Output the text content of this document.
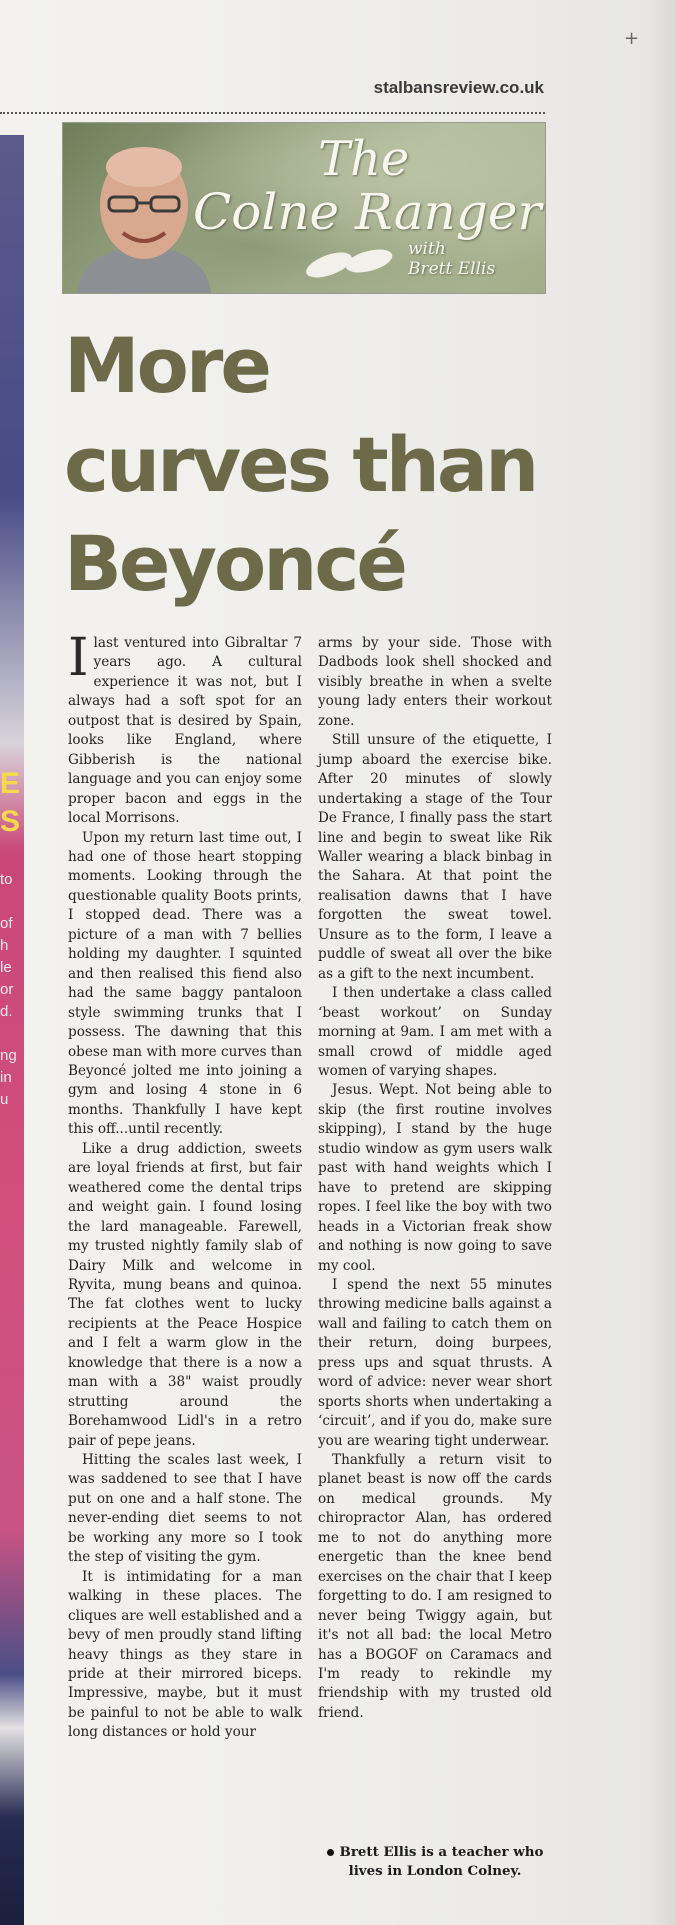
E
S
to
of
h
le
or
d.
ng
in
u
+
stalbansreview.co.uk
The
Colne Ranger
with
Brett Ellis
More curves than Beyoncé

I last ventured into Gibraltar 7 years ago. A cultural experience it was not, but I always had a soft spot for an outpost that is desired by Spain, looks like England, where Gibberish is the national language and you can enjoy some proper bacon and eggs in the local Morrisons.

Upon my return last time out, I had one of those heart stopping moments. Looking through the questionable quality Boots prints, I stopped dead. There was a picture of a man with 7 bellies holding my daughter. I squinted and then realised this fiend also had the same baggy pantaloon style swimming trunks that I possess. The dawning that this obese man with more curves than Beyoncé jolted me into joining a gym and losing 4 stone in 6 months. Thankfully I have kept this off...until recently.

Like a drug addiction, sweets are loyal friends at first, but fair weathered come the dental trips and weight gain. I found losing the lard manageable. Farewell, my trusted nightly family slab of Dairy Milk and welcome in Ryvita, mung beans and quinoa. The fat clothes went to lucky recipients at the Peace Hospice and I felt a warm glow in the knowledge that there is a now a man with a 38" waist proudly strutting around the Borehamwood Lidl's in a retro pair of pepe jeans.

Hitting the scales last week, I was saddened to see that I have put on one and a half stone. The never-ending diet seems to not be working any more so I took the step of visiting the gym.

It is intimidating for a man walking in these places. The cliques are well established and a bevy of men proudly stand lifting heavy things as they stare in pride at their mirrored biceps. Impressive, maybe, but it must be painful to not be able to walk long distances or hold your

arms by your side. Those with Dadbods look shell shocked and visibly breathe in when a svelte young lady enters their workout zone.

Still unsure of the etiquette, I jump aboard the exercise bike. After 20 minutes of slowly undertaking a stage of the Tour De France, I finally pass the start line and begin to sweat like Rik Waller wearing a black binbag in the Sahara. At that point the realisation dawns that I have forgotten the sweat towel. Unsure as to the form, I leave a puddle of sweat all over the bike as a gift to the next incumbent.

I then undertake a class called ‘beast workout’ on Sunday morning at 9am. I am met with a small crowd of middle aged women of varying shapes.

Jesus. Wept. Not being able to skip (the first routine involves skipping), I stand by the huge studio window as gym users walk past with hand weights which I have to pretend are skipping ropes. I feel like the boy with two heads in a Victorian freak show and nothing is now going to save my cool.

I spend the next 55 minutes throwing medicine balls against a wall and failing to catch them on their return, doing burpees, press ups and squat thrusts. A word of advice: never wear short sports shorts when undertaking a ‘circuit’, and if you do, make sure you are wearing tight underwear.

Thankfully a return visit to planet beast is now off the cards on medical grounds. My chiropractor Alan, has ordered me to not do anything more energetic than the knee bend exercises on the chair that I keep forgetting to do. I am resigned to never being Twiggy again, but it's not all bad: the local Metro has a BOGOF on Caramacs and I'm ready to rekindle my friendship with my trusted old friend.

Brett Ellis is a teacher who lives in London Colney.
